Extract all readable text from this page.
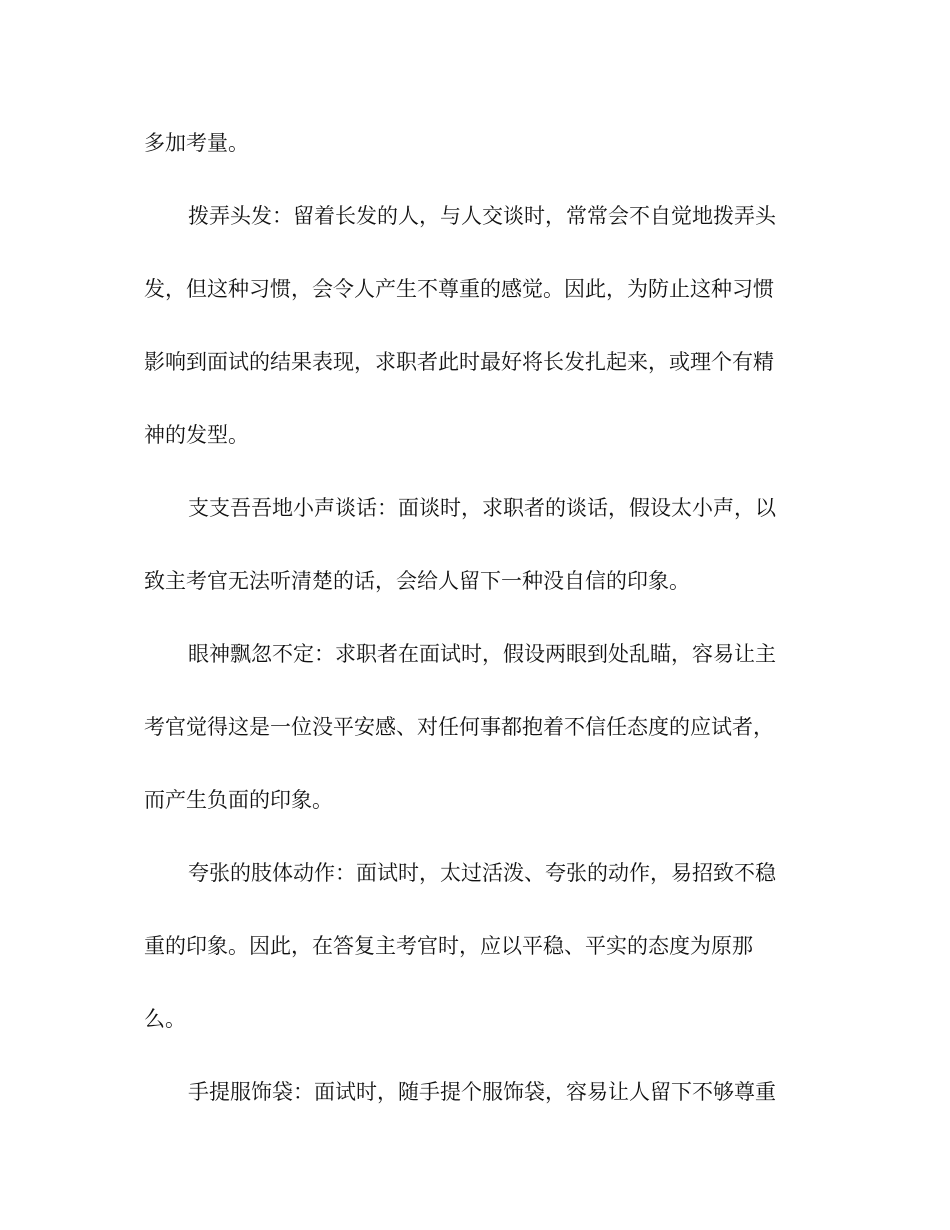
多加考量。
拨弄头发：留着长发的人，与人交谈时，常常会不自觉地拨弄头
发，但这种习惯，会令人产生不尊重的感觉。因此，为防止这种习惯
影响到面试的结果表现，求职者此时最好将长发扎起来，或理个有精
神的发型。
支支吾吾地小声谈话：面谈时，求职者的谈话，假设太小声，以
致主考官无法听清楚的话，会给人留下一种没自信的印象。
眼神飘忽不定：求职者在面试时，假设两眼到处乱瞄，容易让主
考官觉得这是一位没平安感、对任何事都抱着不信任态度的应试者，
而产生负面的印象。
夸张的肢体动作：面试时，太过活泼、夸张的动作，易招致不稳
重的印象。因此，在答复主考官时，应以平稳、平实的态度为原那
么。
手提服饰袋：面试时，随手提个服饰袋，容易让人留下不够尊重
